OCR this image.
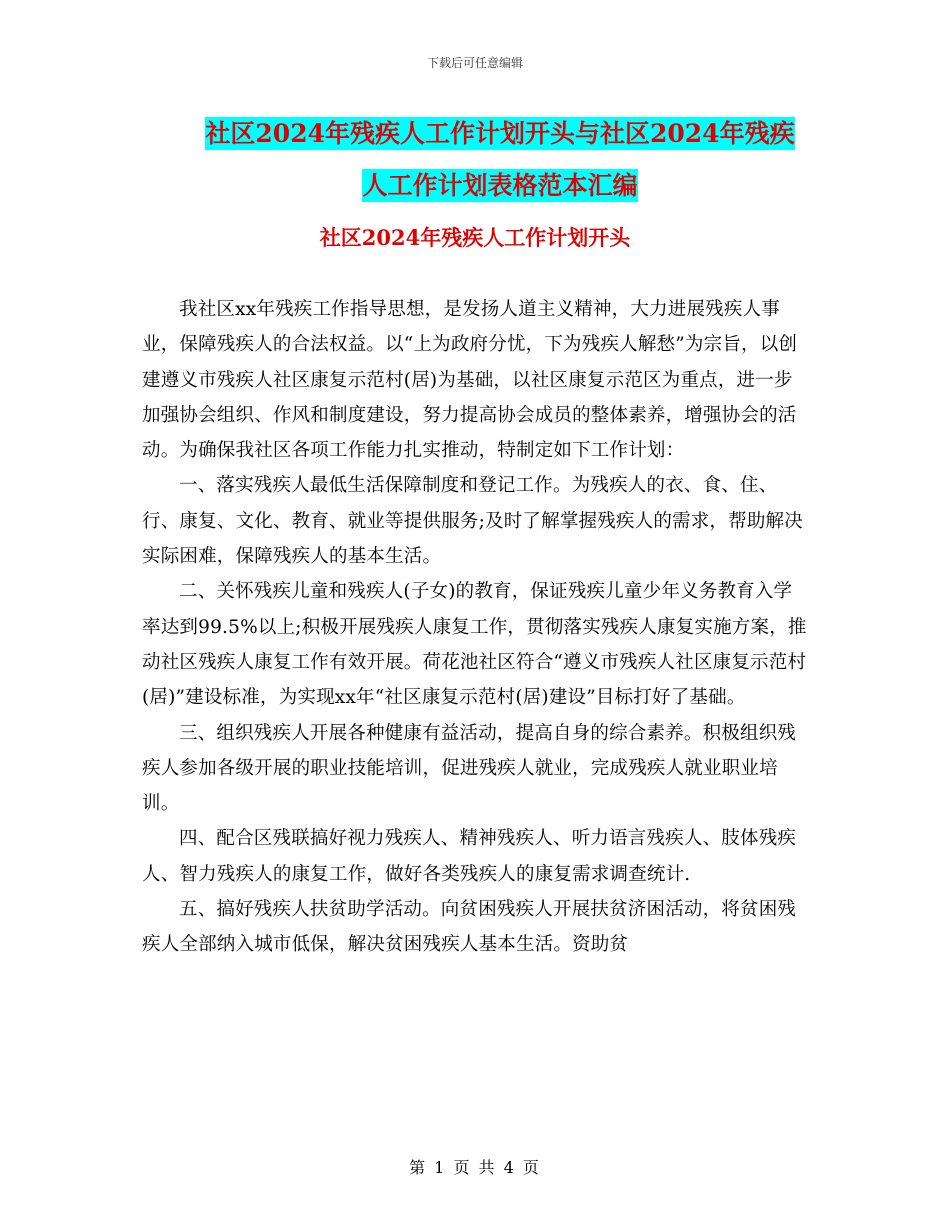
下载后可任意编辑
社区2024年残疾人工作计划开头与社区2024年残疾
人工作计划表格范本汇编
社区2024年残疾人工作计划开头

我社区xx年残疾工作指导思想，是发扬人道主义精神，大力进展残疾人事业，保障残疾人的合法权益。以“上为政府分忧，下为残疾人解愁”为宗旨，以创建遵义市残疾人社区康复示范村(居)为基础，以社区康复示范区为重点，进一步加强协会组织、作风和制度建设，努力提高协会成员的整体素养，增强协会的活动。为确保我社区各项工作能力扎实推动，特制定如下工作计划：

一、落实残疾人最低生活保障制度和登记工作。为残疾人的衣、食、住、行、康复、文化、教育、就业等提供服务;及时了解掌握残疾人的需求，帮助解决实际困难，保障残疾人的基本生活。

二、关怀残疾儿童和残疾人(子女)的教育，保证残疾儿童少年义务教育入学率达到99.5%以上;积极开展残疾人康复工作，贯彻落实残疾人康复实施方案，推动社区残疾人康复工作有效开展。荷花池社区符合“遵义市残疾人社区康复示范村(居)”建设标准，为实现xx年“社区康复示范村(居)建设”目标打好了基础。

三、组织残疾人开展各种健康有益活动，提高自身的综合素养。积极组织残疾人参加各级开展的职业技能培训，促进残疾人就业，完成残疾人就业职业培训。

四、配合区残联搞好视力残疾人、精神残疾人、听力语言残疾人、肢体残疾人、智力残疾人的康复工作，做好各类残疾人的康复需求调查统计.

五、搞好残疾人扶贫助学活动。向贫困残疾人开展扶贫济困活动，将贫困残疾人全部纳入城市低保，解决贫困残疾人基本生活。资助贫

第 1 页 共 4 页
